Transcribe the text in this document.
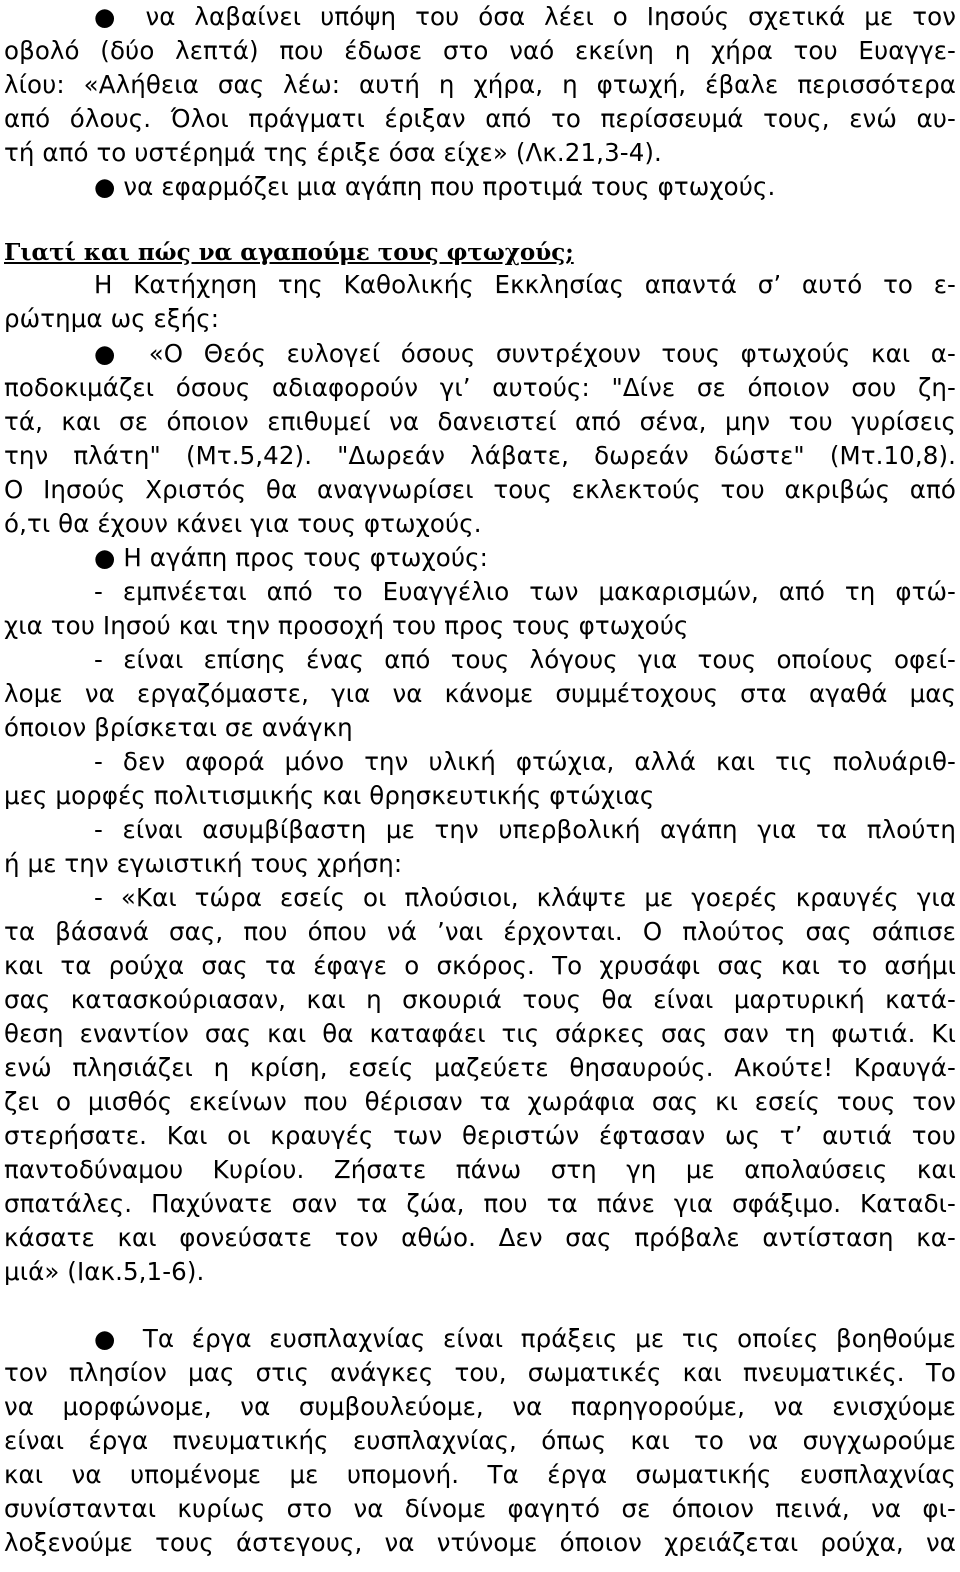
● να λαβαίνει υπόψη του όσα λέει ο Ιησούς σχετικά με τον
οβολό (δύο λεπτά) που έδωσε στο ναό εκείνη η χήρα του Ευαγγε-
λίου: «Αλήθεια σας λέω: αυτή η χήρα, η φτωχή, έβαλε περισσότερα
από όλους. Όλοι πράγματι έριξαν από το περίσσευμά τους, ενώ αυ-
τή από το υστέρημά της έριξε όσα είχε» (Λκ.21,3-4).
● να εφαρμόζει μια αγάπη που προτιμά τους φτωχούς.
Γιατί και πώς να αγαπούμε τους φτωχούς;
Η Κατήχηση της Καθολικής Εκκλησίας απαντά σ’ αυτό το ε-
ρώτημα ως εξής:
● «Ο Θεός ευλογεί όσους συντρέχουν τους φτωχούς και α-
ποδοκιμάζει όσους αδιαφορούν γι’ αυτούς: "Δίνε σε όποιον σου ζη-
τά, και σε όποιον επιθυμεί να δανειστεί από σένα, μην του γυρίσεις
την πλάτη" (Μτ.5,42). "Δωρεάν λάβατε, δωρεάν δώστε" (Μτ.10,8).
Ο Ιησούς Χριστός θα αναγνωρίσει τους εκλεκτούς του ακριβώς από
ό,τι θα έχουν κάνει για τους φτωχούς.
● Η αγάπη προς τους φτωχούς:
- εμπνέεται από το Ευαγγέλιο των μακαρισμών, από τη φτώ-
χια του Ιησού και την προσοχή του προς τους φτωχούς
- είναι επίσης ένας από τους λόγους για τους οποίους οφεί-
λομε να εργαζόμαστε, για να κάνομε συμμέτοχους στα αγαθά μας
όποιον βρίσκεται σε ανάγκη
- δεν αφορά μόνο την υλική φτώχια, αλλά και τις πολυάριθ-
μες μορφές πολιτισμικής και θρησκευτικής φτώχιας
- είναι ασυμβίβαστη με την υπερβολική αγάπη για τα πλούτη
ή με την εγωιστική τους χρήση:
- «Και τώρα εσείς οι πλούσιοι, κλάψτε με γοερές κραυγές για
τα βάσανά σας, που όπου νά ’ναι έρχονται. Ο πλούτος σας σάπισε
και τα ρούχα σας τα έφαγε ο σκόρος. Το χρυσάφι σας και το ασήμι
σας κατασκούριασαν, και η σκουριά τους θα είναι μαρτυρική κατά-
θεση εναντίον σας και θα καταφάει τις σάρκες σας σαν τη φωτιά. Κι
ενώ πλησιάζει η κρίση, εσείς μαζεύετε θησαυρούς. Ακούτε! Κραυγά-
ζει ο μισθός εκείνων που θέρισαν τα χωράφια σας κι εσείς τους τον
στερήσατε. Και οι κραυγές των θεριστών έφτασαν ως τ’ αυτιά του
παντοδύναμου Κυρίου. Ζήσατε πάνω στη γη με απολαύσεις και
σπατάλες. Παχύνατε σαν τα ζώα, που τα πάνε για σφάξιμο. Καταδι-
κάσατε και φονεύσατε τον αθώο. Δεν σας πρόβαλε αντίσταση κα-
μιά» (Ιακ.5,1-6).
● Τα έργα ευσπλαχνίας είναι πράξεις με τις οποίες βοηθούμε
τον πλησίον μας στις ανάγκες του, σωματικές και πνευματικές. Το
να μορφώνομε, να συμβουλεύομε, να παρηγορούμε, να ενισχύομε
είναι έργα πνευματικής ευσπλαχνίας, όπως και το να συγχωρούμε
και να υπομένομε με υπομονή. Τα έργα σωματικής ευσπλαχνίας
συνίστανται κυρίως στο να δίνομε φαγητό σε όποιον πεινά, να φι-
λοξενούμε τους άστεγους, να ντύνομε όποιον χρειάζεται ρούχα, να
